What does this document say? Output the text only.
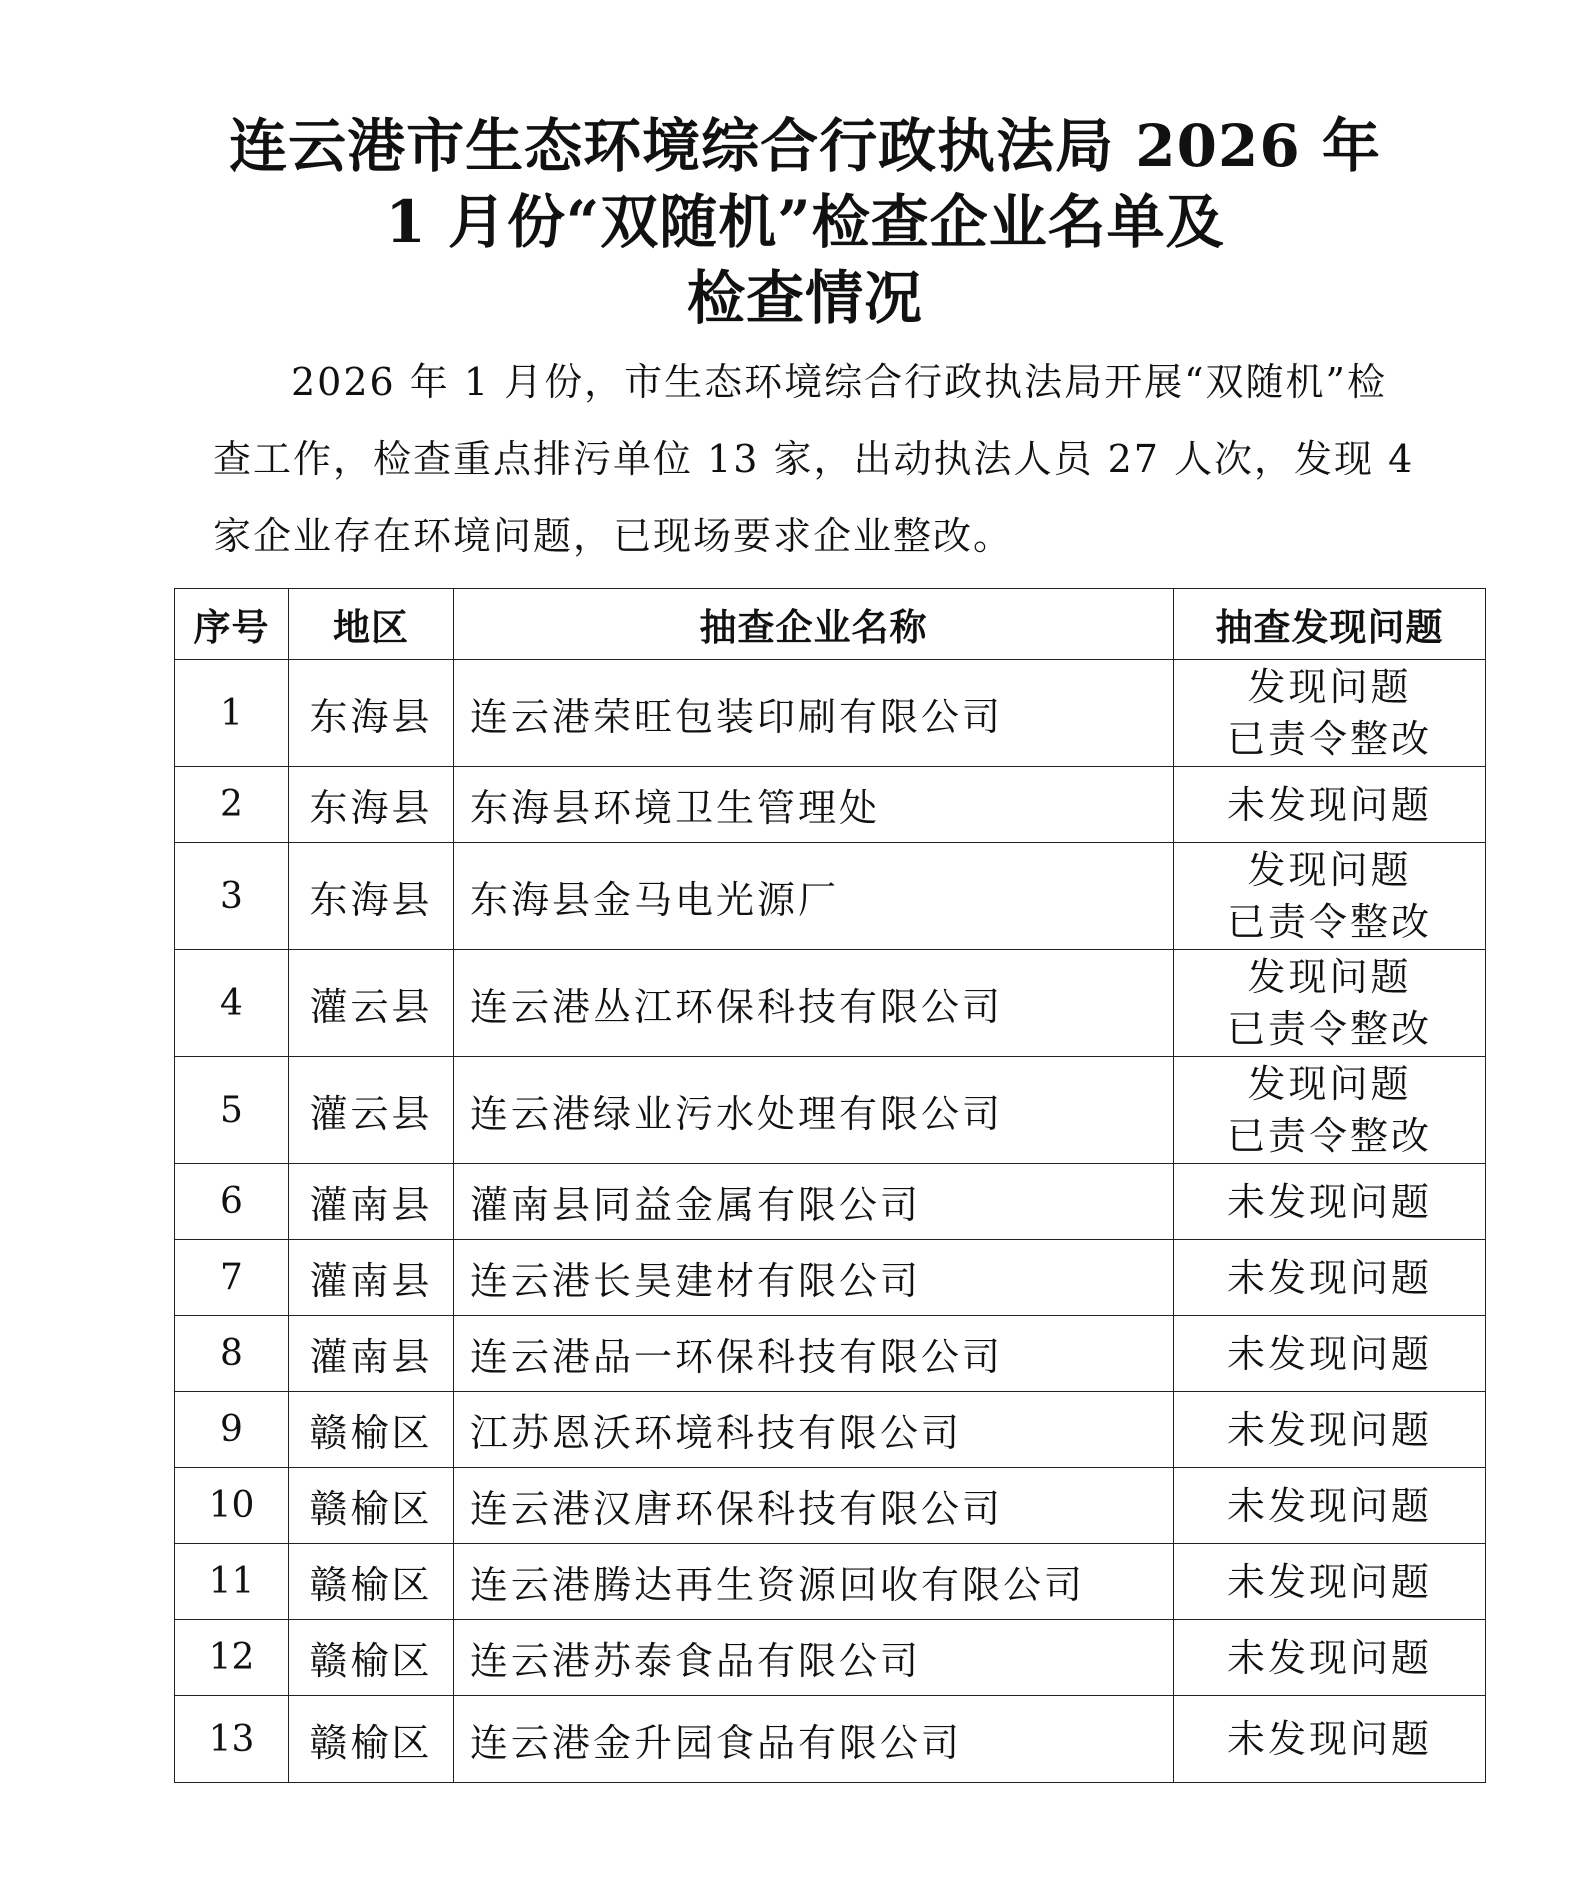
连云港市生态环境综合行政执法局 2026 年
1 月份“双随机”检查企业名单及
检查情况

2026 年 1 月份，市生态环境综合行政执法局开展“双随机”检查工作，检查重点排污单位 13 家，出动执法人员 27 人次，发现 4 家企业存在环境问题，已现场要求企业整改。

序号	地区	抽查企业名称	抽查发现问题
1	东海县	连云港荣旺包装印刷有限公司	发现问题
已责令整改

2	东海县	东海县环境卫生管理处	未发现问题

3	东海县	东海县金马电光源厂	发现问题
已责令整改

4	灌云县	连云港丛江环保科技有限公司	发现问题
已责令整改

5	灌云县	连云港绿业污水处理有限公司	发现问题
已责令整改

6	灌南县	灌南县同益金属有限公司	未发现问题

7	灌南县	连云港长昊建材有限公司	未发现问题

8	灌南县	连云港品一环保科技有限公司	未发现问题

9	赣榆区	江苏恩沃环境科技有限公司	未发现问题

10	赣榆区	连云港汉唐环保科技有限公司	未发现问题

11	赣榆区	连云港腾达再生资源回收有限公司	未发现问题

12	赣榆区	连云港苏泰食品有限公司	未发现问题

13	赣榆区	连云港金升园食品有限公司	未发现问题
